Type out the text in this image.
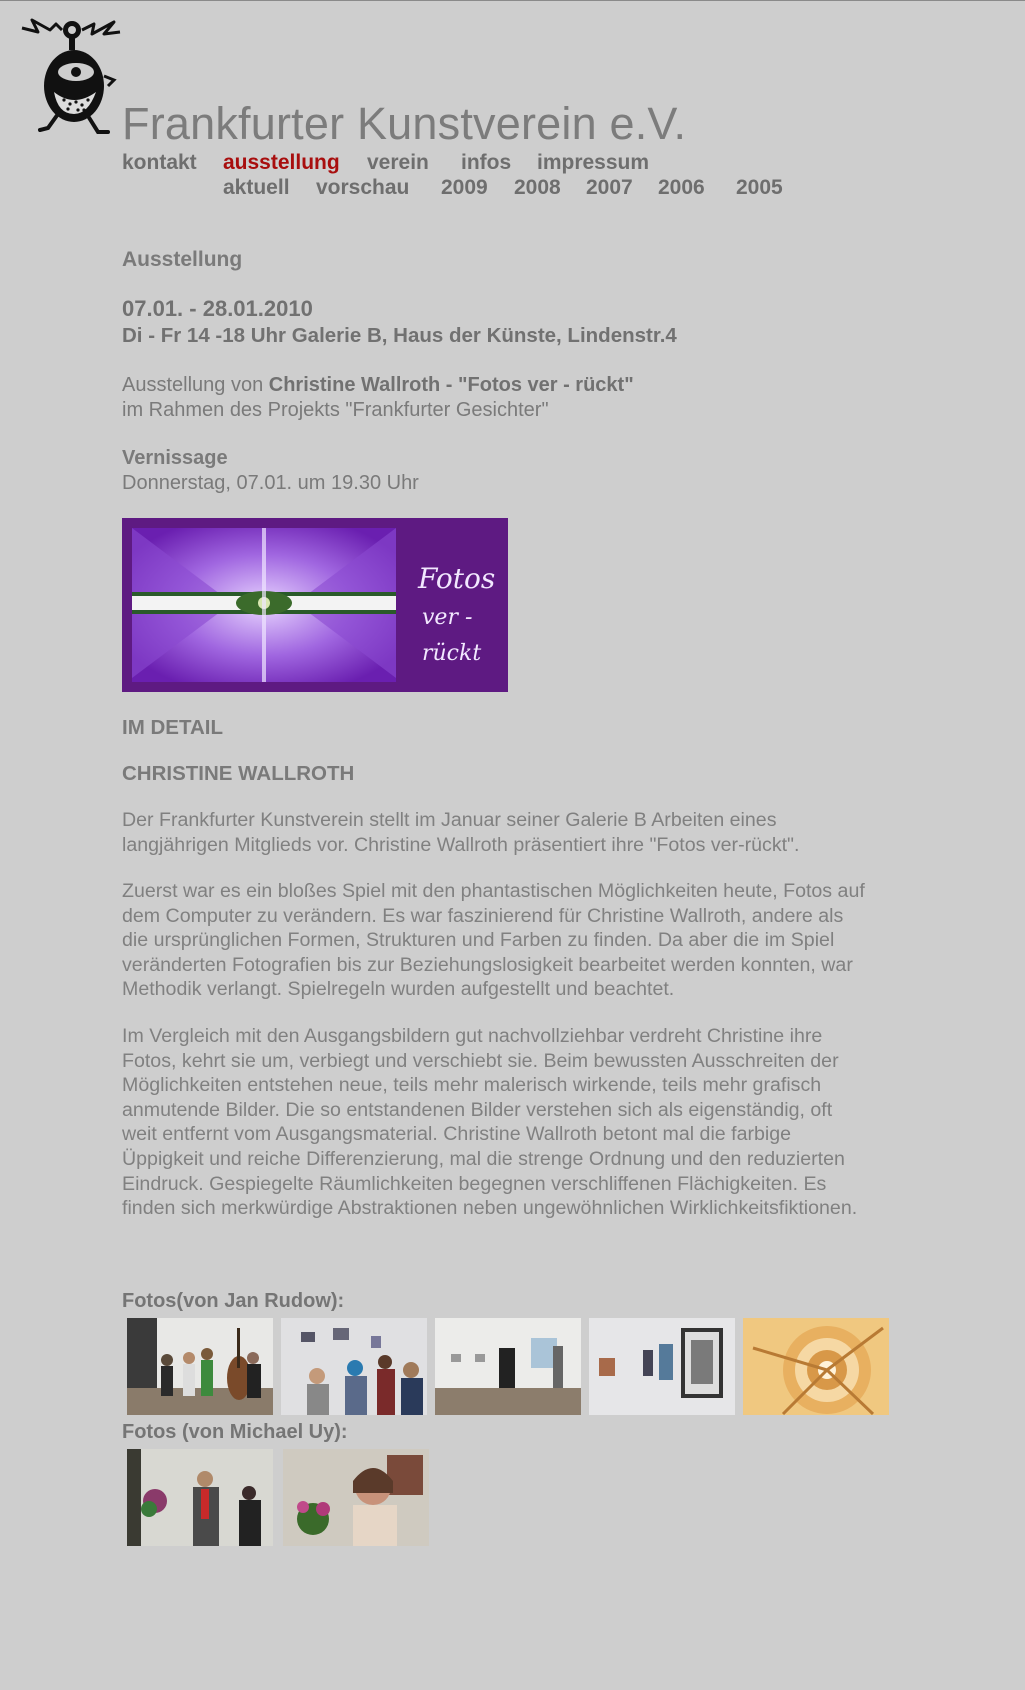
Frankfurter Kunstverein e.V.
kontakt ausstellung verein infos impressum
aktuell vorschau 2009 2008 2007 2006 2005
Ausstellung
07.01. - 28.01.2010
Di - Fr 14 -18 Uhr Galerie B, Haus der Künste, Lindenstr.4
Ausstellung von Christine Wallroth - "Fotos ver - rückt"
im Rahmen des Projekts "Frankfurter Gesichter"
Vernissage
Donnerstag, 07.01. um 19.30 Uhr
Fotos
ver -
rückt
IM DETAIL
CHRISTINE WALLROTH
Der Frankfurter Kunstverein stellt im Januar seiner Galerie B Arbeiten eines
langjährigen Mitglieds vor. Christine Wallroth präsentiert ihre "Fotos ver-rückt".
Zuerst war es ein bloßes Spiel mit den phantastischen Möglichkeiten heute, Fotos auf
dem Computer zu verändern. Es war faszinierend für Christine Wallroth, andere als
die ursprünglichen Formen, Strukturen und Farben zu finden. Da aber die im Spiel
veränderten Fotografien bis zur Beziehungslosigkeit bearbeitet werden konnten, war
Methodik verlangt. Spielregeln wurden aufgestellt und beachtet.
Im Vergleich mit den Ausgangsbildern gut nachvollziehbar verdreht Christine ihre
Fotos, kehrt sie um, verbiegt und verschiebt sie. Beim bewussten Ausschreiten der
Möglichkeiten entstehen neue, teils mehr malerisch wirkende, teils mehr grafisch
anmutende Bilder. Die so entstandenen Bilder verstehen sich als eigenständig, oft
weit entfernt vom Ausgangsmaterial. Christine Wallroth betont mal die farbige
Üppigkeit und reiche Differenzierung, mal die strenge Ordnung und den reduzierten
Eindruck. Gespiegelte Räumlichkeiten begegnen verschliffenen Flächigkeiten. Es
finden sich merkwürdige Abstraktionen neben ungewöhnlichen Wirklichkeitsfiktionen.
Fotos(von Jan Rudow):
Fotos (von Michael Uy):
